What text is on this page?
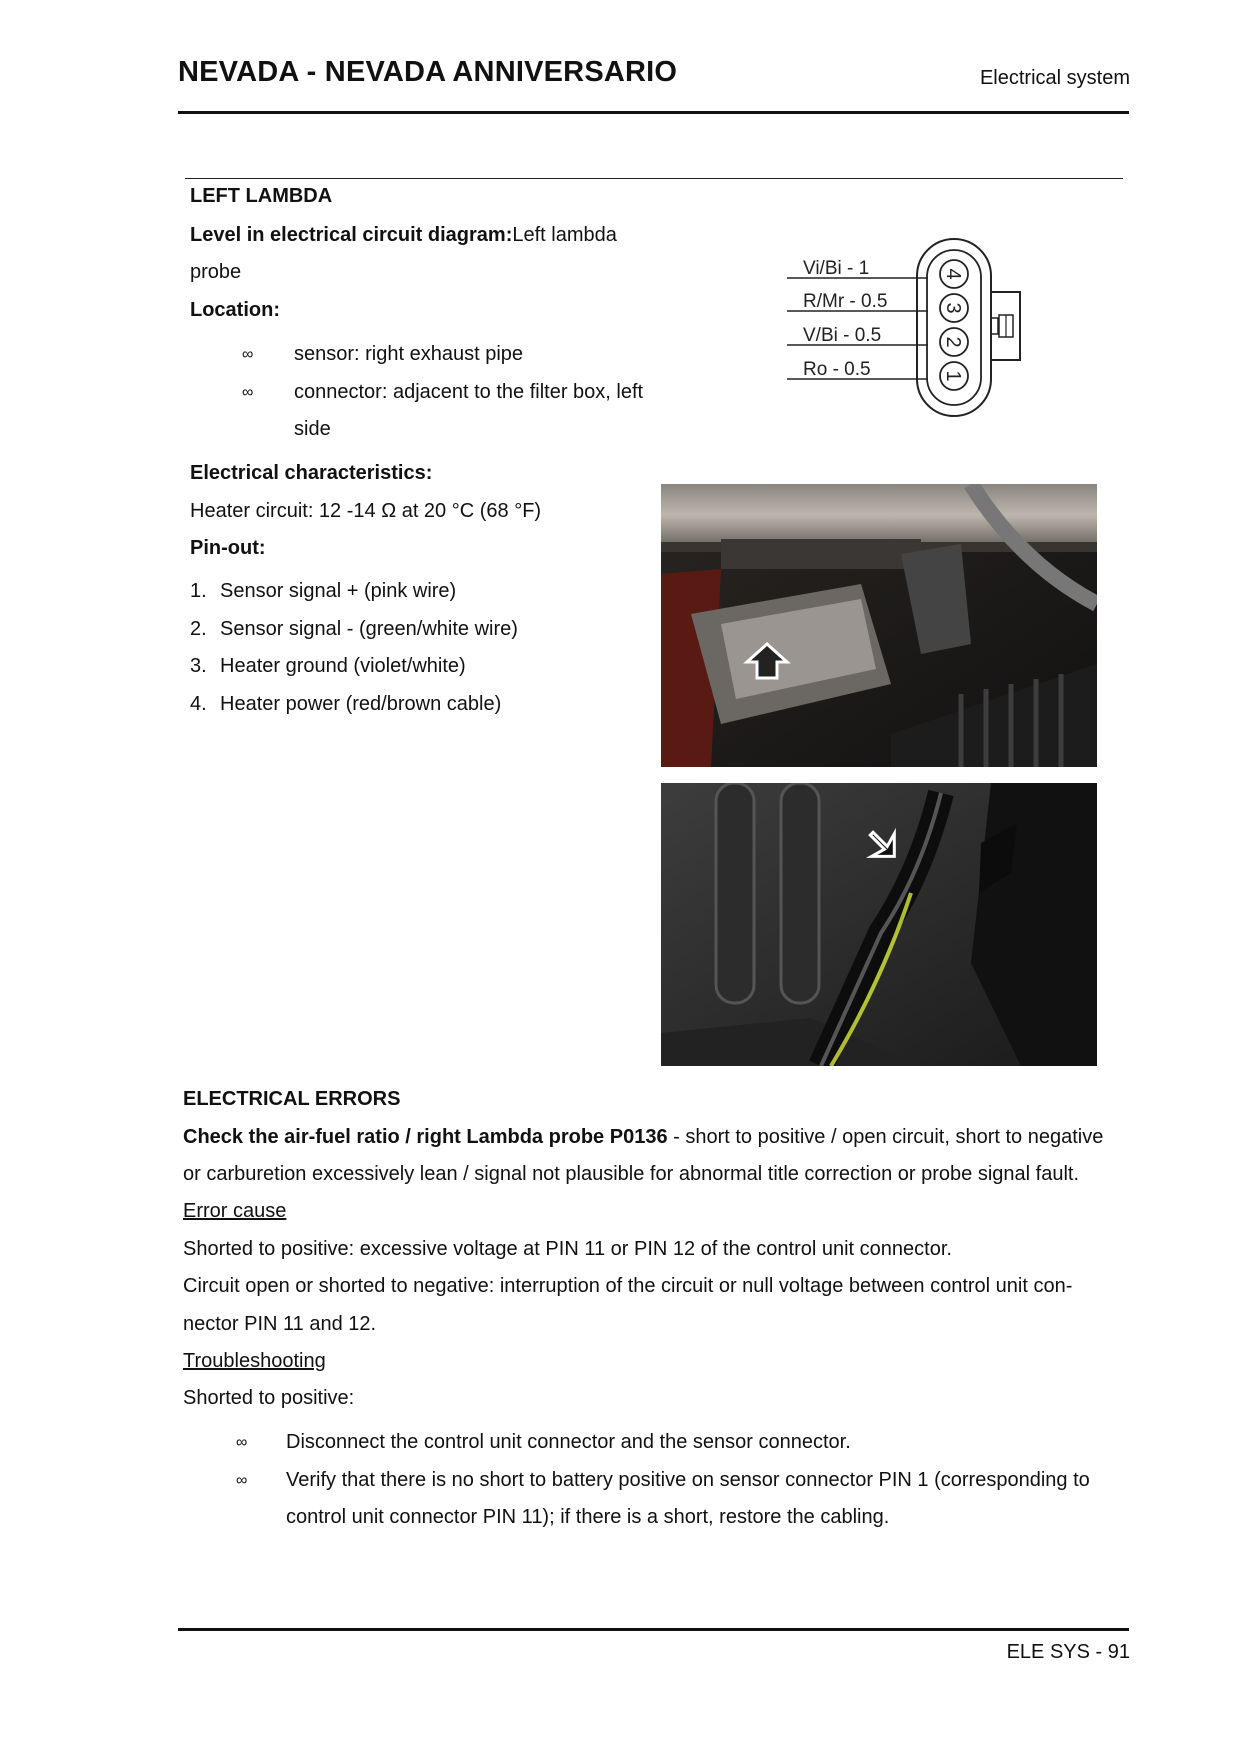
NEVADA - NEVADA ANNIVERSARIO	Electrical system
LEFT LAMBDA
Level in electrical circuit diagram:Left lambda
probe
Location:
∞ sensor: right exhaust pipe
∞ connector: adjacent to the filter box, left
side
Electrical characteristics:
Heater circuit: 12 -14 Ω at 20 °C (68 °F)
Pin-out:
1. Sensor signal + (pink wire)
2. Sensor signal - (green/white wire)
3. Heater ground (violet/white)
4. Heater power (red/brown cable)
Vi/Bi - 1
R/Mr - 0.5
V/Bi - 0.5
Ro - 0.5
4
3
2
1
ELECTRICAL ERRORS
Check the air-fuel ratio / right Lambda probe P0136 - short to positive / open circuit, short to negative
or carburetion excessively lean / signal not plausible for abnormal title correction or probe signal fault.
Error cause
Shorted to positive: excessive voltage at PIN 11 or PIN 12 of the control unit connector.
Circuit open or shorted to negative: interruption of the circuit or null voltage between control unit con-
nector PIN 11 and 12.
Troubleshooting
Shorted to positive:
∞ Disconnect the control unit connector and the sensor connector.
∞ Verify that there is no short to battery positive on sensor connector PIN 1 (corresponding to
control unit connector PIN 11); if there is a short, restore the cabling.
ELE SYS - 91
